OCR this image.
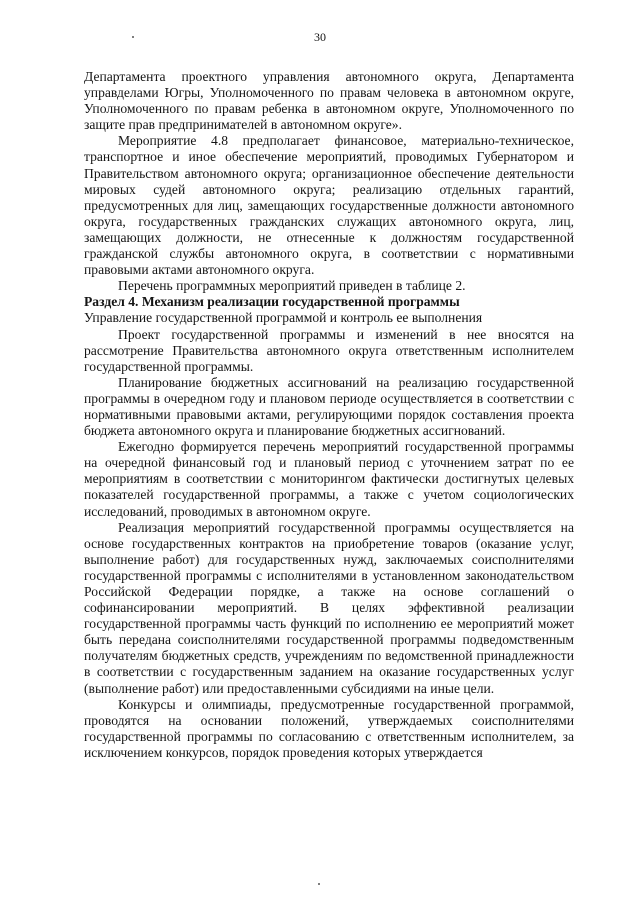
30

Департамента проектного управления автономного округа, Департамента управделами Югры, Уполномоченного по правам человека в автономном округе, Уполномоченного по правам ребенка в автономном округе, Уполномоченного по защите прав предпринимателей в автономном округе».

Мероприятие 4.8 предполагает финансовое, материально-техническое, транспортное и иное обеспечение мероприятий, проводимых Губернатором и Правительством автономного округа; организационное обеспечение деятельности мировых судей автономного округа; реализацию отдельных гарантий, предусмотренных для лиц, замещающих государственные должности автономного округа, государственных гражданских служащих автономного округа, лиц, замещающих должности, не отнесенные к должностям государственной гражданской службы автономного округа, в соответствии с нормативными правовыми актами автономного округа.

Перечень программных мероприятий приведен в таблице 2.

Раздел 4. Механизм реализации государственной программы

Управление государственной программой и контроль ее выполнения

Проект государственной программы и изменений в нее вносятся на рассмотрение Правительства автономного округа ответственным исполнителем государственной программы.

Планирование бюджетных ассигнований на реализацию государственной программы в очередном году и плановом периоде осуществляется в соответствии с нормативными правовыми актами, регулирующими порядок составления проекта бюджета автономного округа и планирование бюджетных ассигнований.

Ежегодно формируется перечень мероприятий государственной программы на очередной финансовый год и плановый период с уточнением затрат по ее мероприятиям в соответствии с мониторингом фактически достигнутых целевых показателей государственной программы, а также с учетом социологических исследований, проводимых в автономном округе.

Реализация мероприятий государственной программы осуществляется на основе государственных контрактов на приобретение товаров (оказание услуг, выполнение работ) для государственных нужд, заключаемых соисполнителями государственной программы с исполнителями в установленном законодательством Российской Федерации порядке, а также на основе соглашений о софинансировании мероприятий. В целях эффективной реализации государственной программы часть функций по исполнению ее мероприятий может быть передана соисполнителями государственной программы подведомственным получателям бюджетных средств, учреждениям по ведомственной принадлежности в соответствии с государственным заданием на оказание государственных услуг (выполнение работ) или предоставленными субсидиями на иные цели.

Конкурсы и олимпиады, предусмотренные государственной программой, проводятся на основании положений, утверждаемых соисполнителями государственной программы по согласованию с ответственным исполнителем, за исключением конкурсов, порядок проведения которых утверждается
